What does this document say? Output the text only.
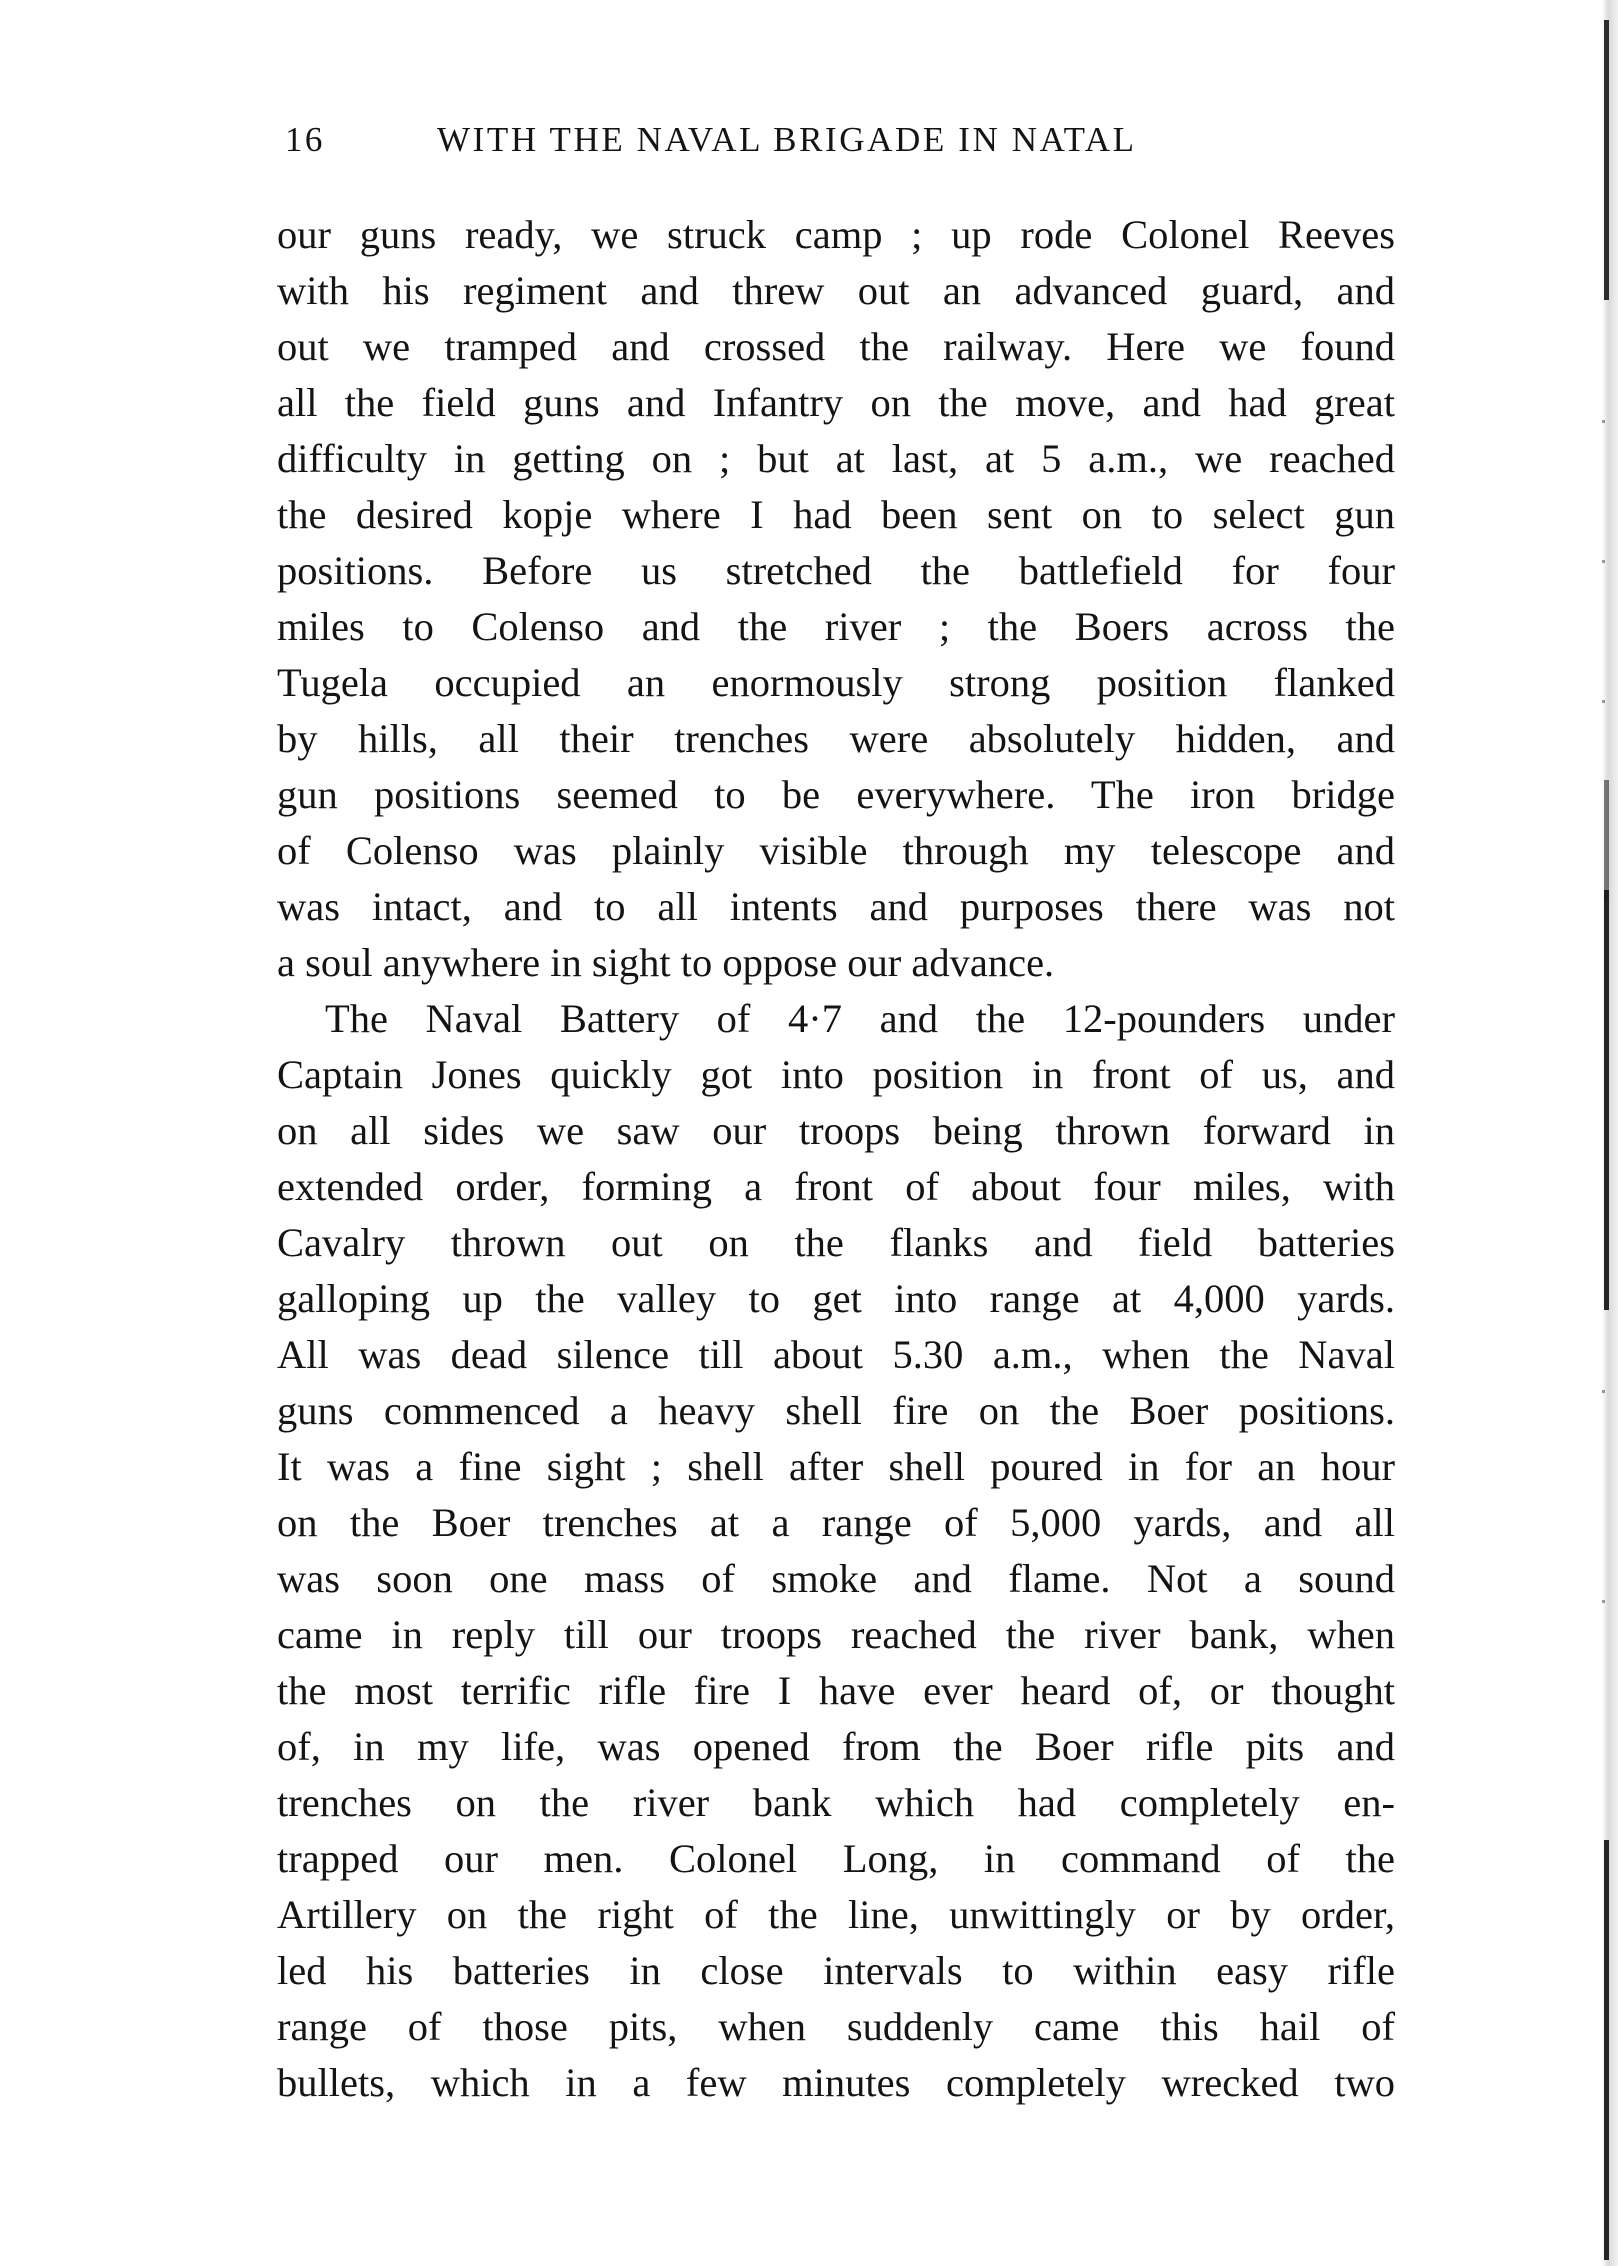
16	WITH THE NAVAL BRIGADE IN NATAL
our guns ready, we struck camp ; up rode Colonel Reeves
with his regiment and threw out an advanced guard, and
out we tramped and crossed the railway. Here we found
all the field guns and Infantry on the move, and had great
difficulty in getting on ; but at last, at 5 a.m., we reached
the desired kopje where I had been sent on to select gun
positions. Before us stretched the battlefield for four
miles to Colenso and the river ; the Boers across the
Tugela occupied an enormously strong position flanked
by hills, all their trenches were absolutely hidden, and
gun positions seemed to be everywhere. The iron bridge
of Colenso was plainly visible through my telescope and
was intact, and to all intents and purposes there was not
a soul anywhere in sight to oppose our advance.
The Naval Battery of 4·7 and the 12-pounders under
Captain Jones quickly got into position in front of us, and
on all sides we saw our troops being thrown forward in
extended order, forming a front of about four miles, with
Cavalry thrown out on the flanks and field batteries
galloping up the valley to get into range at 4,000 yards.
All was dead silence till about 5.30 a.m., when the Naval
guns commenced a heavy shell fire on the Boer positions.
It was a fine sight ; shell after shell poured in for an hour
on the Boer trenches at a range of 5,000 yards, and all
was soon one mass of smoke and flame. Not a sound
came in reply till our troops reached the river bank, when
the most terrific rifle fire I have ever heard of, or thought
of, in my life, was opened from the Boer rifle pits and
trenches on the river bank which had completely en-
trapped our men. Colonel Long, in command of the
Artillery on the right of the line, unwittingly or by order,
led his batteries in close intervals to within easy rifle
range of those pits, when suddenly came this hail of
bullets, which in a few minutes completely wrecked two
